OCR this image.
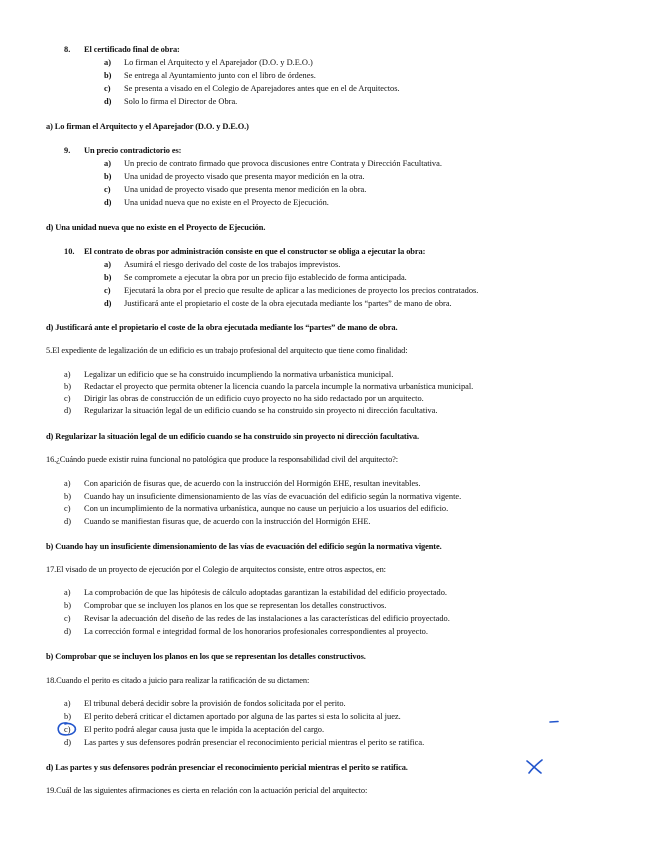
8. El certificado final de obra:
a) Lo firman el Arquitecto y el Aparejador (D.O. y D.E.O.)
b) Se entrega al Ayuntamiento junto con el libro de órdenes.
c) Se presenta a visado en el Colegio de Aparejadores antes que en el de Arquitectos.
d) Solo lo firma el Director de Obra.
a) Lo firman el Arquitecto y el Aparejador (D.O. y D.E.O.)
9. Un precio contradictorio es:
a) Un precio de contrato firmado que provoca discusiones entre Contrata y Dirección Facultativa.
b) Una unidad de proyecto visado que presenta mayor medición en la otra.
c) Una unidad de proyecto visado que presenta menor medición en la obra.
d) Una unidad nueva que no existe en el Proyecto de Ejecución.
d) Una unidad nueva que no existe en el Proyecto de Ejecución.
10. El contrato de obras por administración consiste en que el constructor se obliga a ejecutar la obra:
a) Asumirá el riesgo derivado del coste de los trabajos imprevistos.
b) Se compromete a ejecutar la obra por un precio fijo establecido de forma anticipada.
c) Ejecutará la obra por el precio que resulte de aplicar a las mediciones de proyecto los precios contratados.
d) Justificará ante el propietario el coste de la obra ejecutada mediante los “partes” de mano de obra.
d) Justificará ante el propietario el coste de la obra ejecutada mediante los “partes” de mano de obra.
5.El expediente de legalización de un edificio es un trabajo profesional del arquitecto que tiene como finalidad:
a) Legalizar un edificio que se ha construido incumpliendo la normativa urbanística municipal.
b) Redactar el proyecto que permita obtener la licencia cuando la parcela incumple la normativa urbanística municipal.
c) Dirigir las obras de construcción de un edificio cuyo proyecto no ha sido redactado por un arquitecto.
d) Regularizar la situación legal de un edificio cuando se ha construido sin proyecto ni dirección facultativa.
d) Regularizar la situación legal de un edificio cuando se ha construido sin proyecto ni dirección facultativa.
16.¿Cuándo puede existir ruina funcional no patológica que produce la responsabilidad civil del arquitecto?:
a) Con aparición de fisuras que, de acuerdo con la instrucción del Hormigón EHE, resultan inevitables.
b) Cuando hay un insuficiente dimensionamiento de las vías de evacuación del edificio según la normativa vigente.
c) Con un incumplimiento de la normativa urbanística, aunque no cause un perjuicio a los usuarios del edificio.
d) Cuando se manifiestan fisuras que, de acuerdo con la instrucción del Hormigón EHE.
b) Cuando hay un insuficiente dimensionamiento de las vías de evacuación del edificio según la normativa vigente.
17.El visado de un proyecto de ejecución por el Colegio de arquitectos consiste, entre otros aspectos, en:
a) La comprobación de que las hipótesis de cálculo adoptadas garantizan la estabilidad del edificio proyectado.
b) Comprobar que se incluyen los planos en los que se representan los detalles constructivos.
c) Revisar la adecuación del diseño de las redes de las instalaciones a las características del edificio proyectado.
d) La corrección formal e integridad formal de los honorarios profesionales correspondientes al proyecto.
b) Comprobar que se incluyen los planos en los que se representan los detalles constructivos.
18.Cuando el perito es citado a juicio para realizar la ratificación de su dictamen:
a) El tribunal deberá decidir sobre la provisión de fondos solicitada por el perito.
b) El perito deberá criticar el dictamen aportado por alguna de las partes si esta lo solicita al juez.
c) El perito podrá alegar causa justa que le impida la aceptación del cargo.
d) Las partes y sus defensores podrán presenciar el reconocimiento pericial mientras el perito se ratifica.
d) Las partes y sus defensores podrán presenciar el reconocimiento pericial mientras el perito se ratifica.
19.Cuál de las siguientes afirmaciones es cierta en relación con la actuación pericial del arquitecto:
